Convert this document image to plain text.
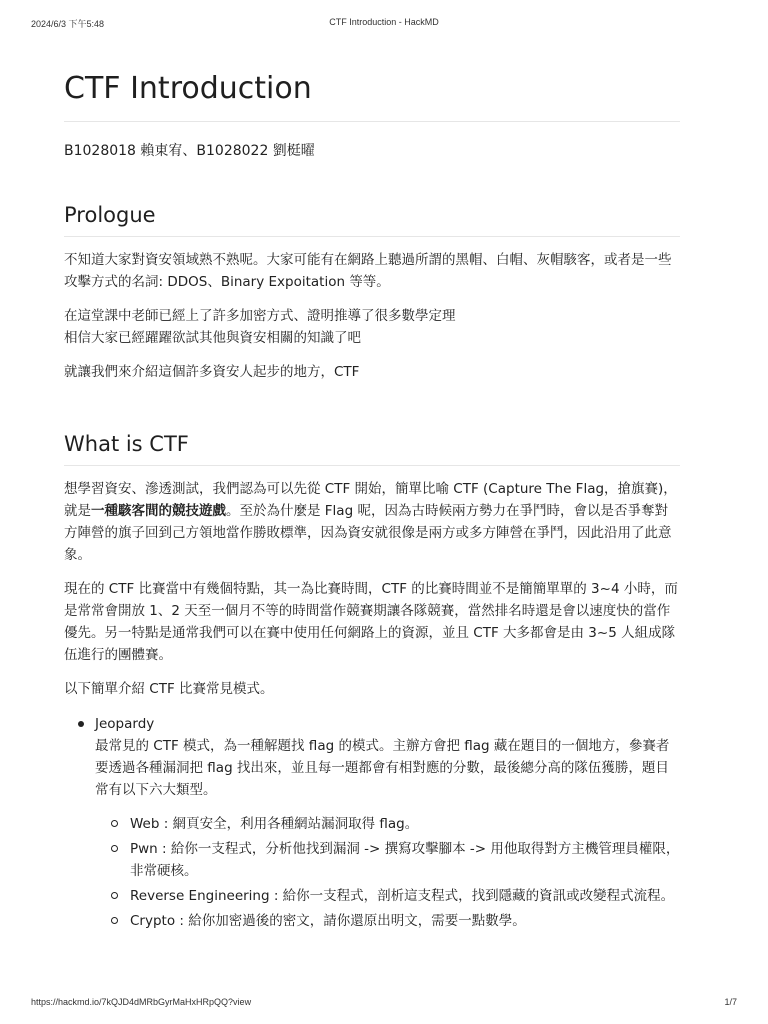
2024/6/3 下午5:48	CTF Introduction - HackMD
CTF Introduction

B1028018 賴東宥、B1028022 劉梃曜

Prologue

不知道大家對資安領域熟不熟呢。大家可能有在網路上聽過所謂的黑帽、白帽、灰帽駭客，或者是一些攻擊方式的名詞: DDOS、Binary Expoitation 等等。

在這堂課中老師已經上了許多加密方式、證明推導了很多數學定理
相信大家已經躍躍欲試其他與資安相關的知識了吧

就讓我們來介紹這個許多資安人起步的地方，CTF

What is CTF

想學習資安、滲透測試，我們認為可以先從 CTF 開始，簡單比喻 CTF (Capture The Flag，搶旗賽)，就是一種駭客間的競技遊戲。至於為什麼是 Flag 呢，因為古時候兩方勢力在爭鬥時，會以是否爭奪對方陣營的旗子回到己方領地當作勝敗標準，因為資安就很像是兩方或多方陣營在爭鬥，因此沿用了此意象。

現在的 CTF 比賽當中有幾個特點，其一為比賽時間，CTF 的比賽時間並不是簡簡單單的 3~4 小時，而是常常會開放 1、2 天至一個月不等的時間當作競賽期讓各隊競賽，當然排名時還是會以速度快的當作優先。另一特點是通常我們可以在賽中使用任何網路上的資源，並且 CTF 大多都會是由 3~5 人組成隊伍進行的團體賽。

以下簡單介紹 CTF 比賽常見模式。

Jeopardy
最常見的 CTF 模式，為一種解題找 flag 的模式。主辦方會把 flag 藏在題目的一個地方，參賽者要透過各種漏洞把 flag 找出來，並且每一題都會有相對應的分數，最後總分高的隊伍獲勝，題目常有以下六大類型。
Web : 網頁安全，利用各種網站漏洞取得 flag。
Pwn : 給你一支程式，分析他找到漏洞 -> 撰寫攻擊腳本 -> 用他取得對方主機管理員權限，非常硬核。
Reverse Engineering : 給你一支程式，剖析這支程式，找到隱藏的資訊或改變程式流程。
Crypto : 給你加密過後的密文，請你還原出明文，需要一點數學。
https://hackmd.io/7kQJD4dMRbGyrMaHxHRpQQ?view	1/7
